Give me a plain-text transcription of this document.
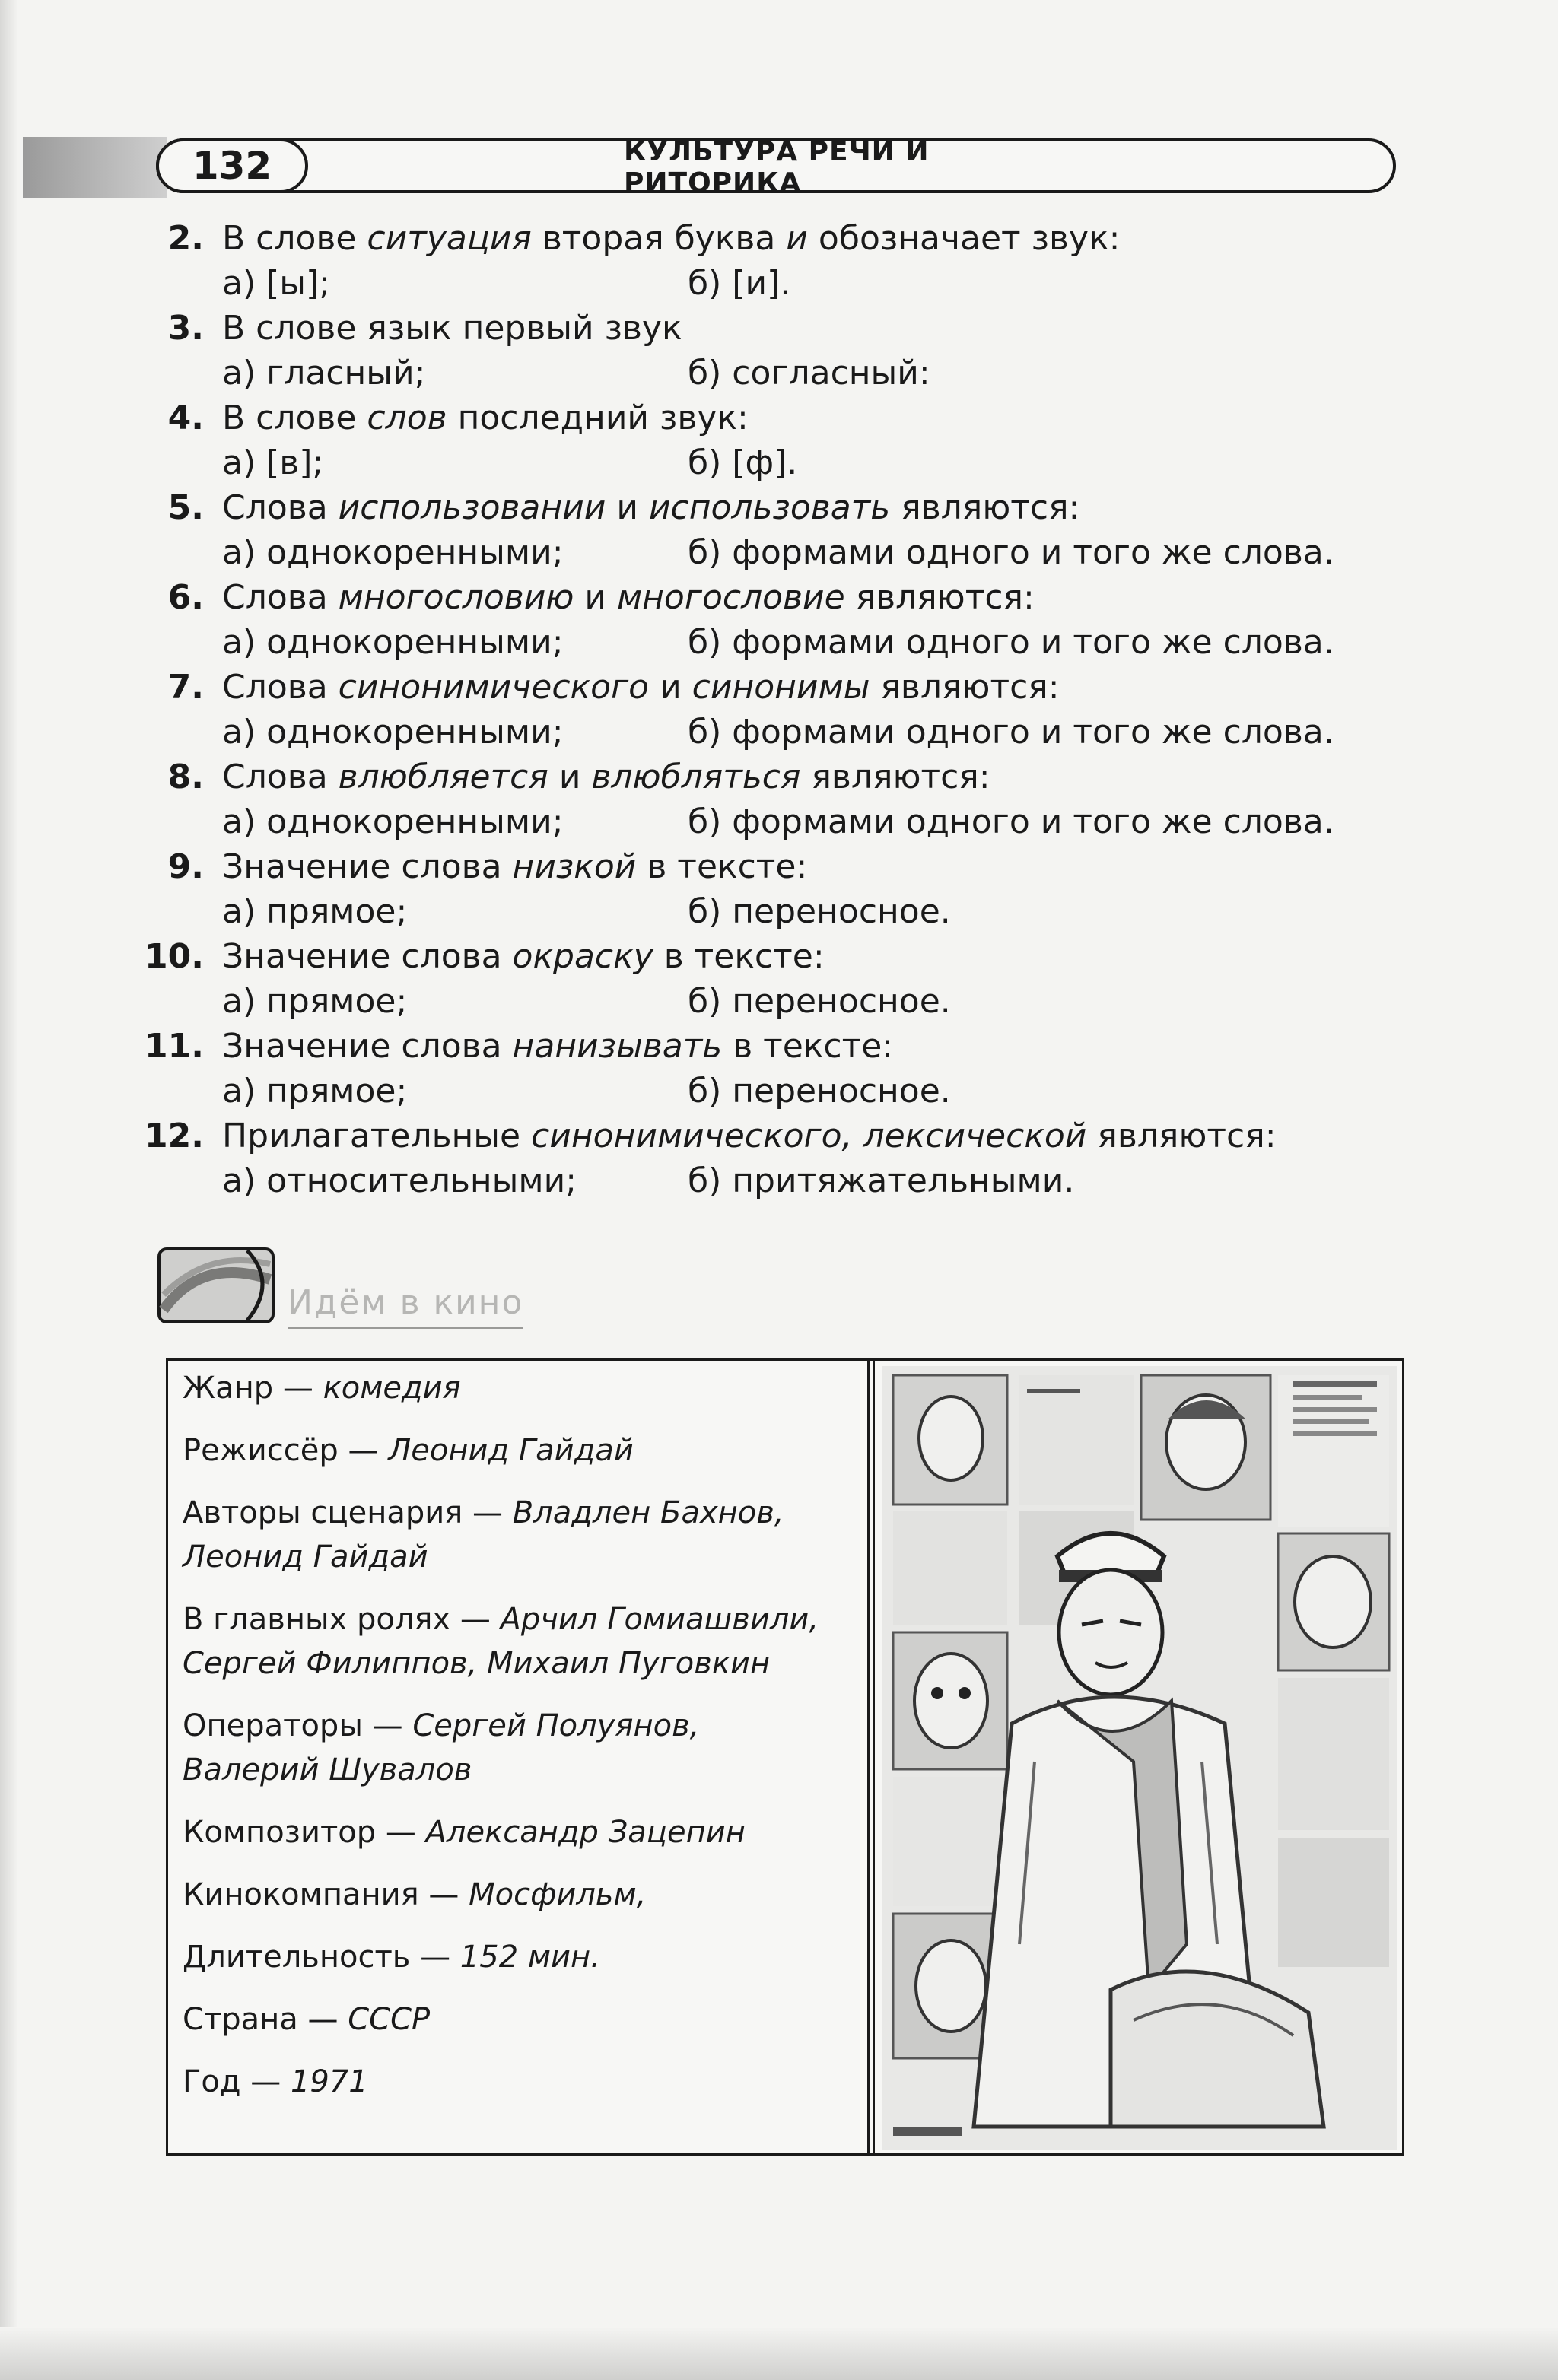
132	КУЛЬТУРА РЕЧИ И РИТОРИКА
2. В слове ситуация вторая буква и обозначает звук:
а) [ы];	б) [и].
3. В слове язык первый звук
а) гласный;	б) согласный:
4. В слове слов последний звук:
а) [в];	б) [ф].
5. Слова использовании и использовать являются:
а) однокоренными;	б) формами одного и того же слова.
6. Слова многословию и многословие являются:
а) однокоренными;	б) формами одного и того же слова.
7. Слова синонимического и синонимы являются:
а) однокоренными;	б) формами одного и того же слова.
8. Слова влюбляется и влюбляться являются:
а) однокоренными;	б) формами одного и того же слова.
9. Значение слова низкой в тексте:
а) прямое;	б) переносное.
10. Значение слова окраску в тексте:
а) прямое;	б) переносное.
11. Значение слова нанизывать в тексте:
а) прямое;	б) переносное.
12. Прилагательные синонимического, лексической являются:
а) относительными;	б) притяжательными.
Идём в кино
Жанр — комедия
Режиссёр — Леонид Гайдай
Авторы сценария — Владлен Бахнов,
Леонид Гайдай
В главных ролях — Арчил Гомиашвили,
Сергей Филиппов, Михаил Пуговкин
Операторы — Сергей Полуянов,
Валерий Шувалов
Композитор — Александр Зацепин
Кинокомпания — Мосфильм,
Длительность — 152 мин.
Страна — СССР
Год — 1971
